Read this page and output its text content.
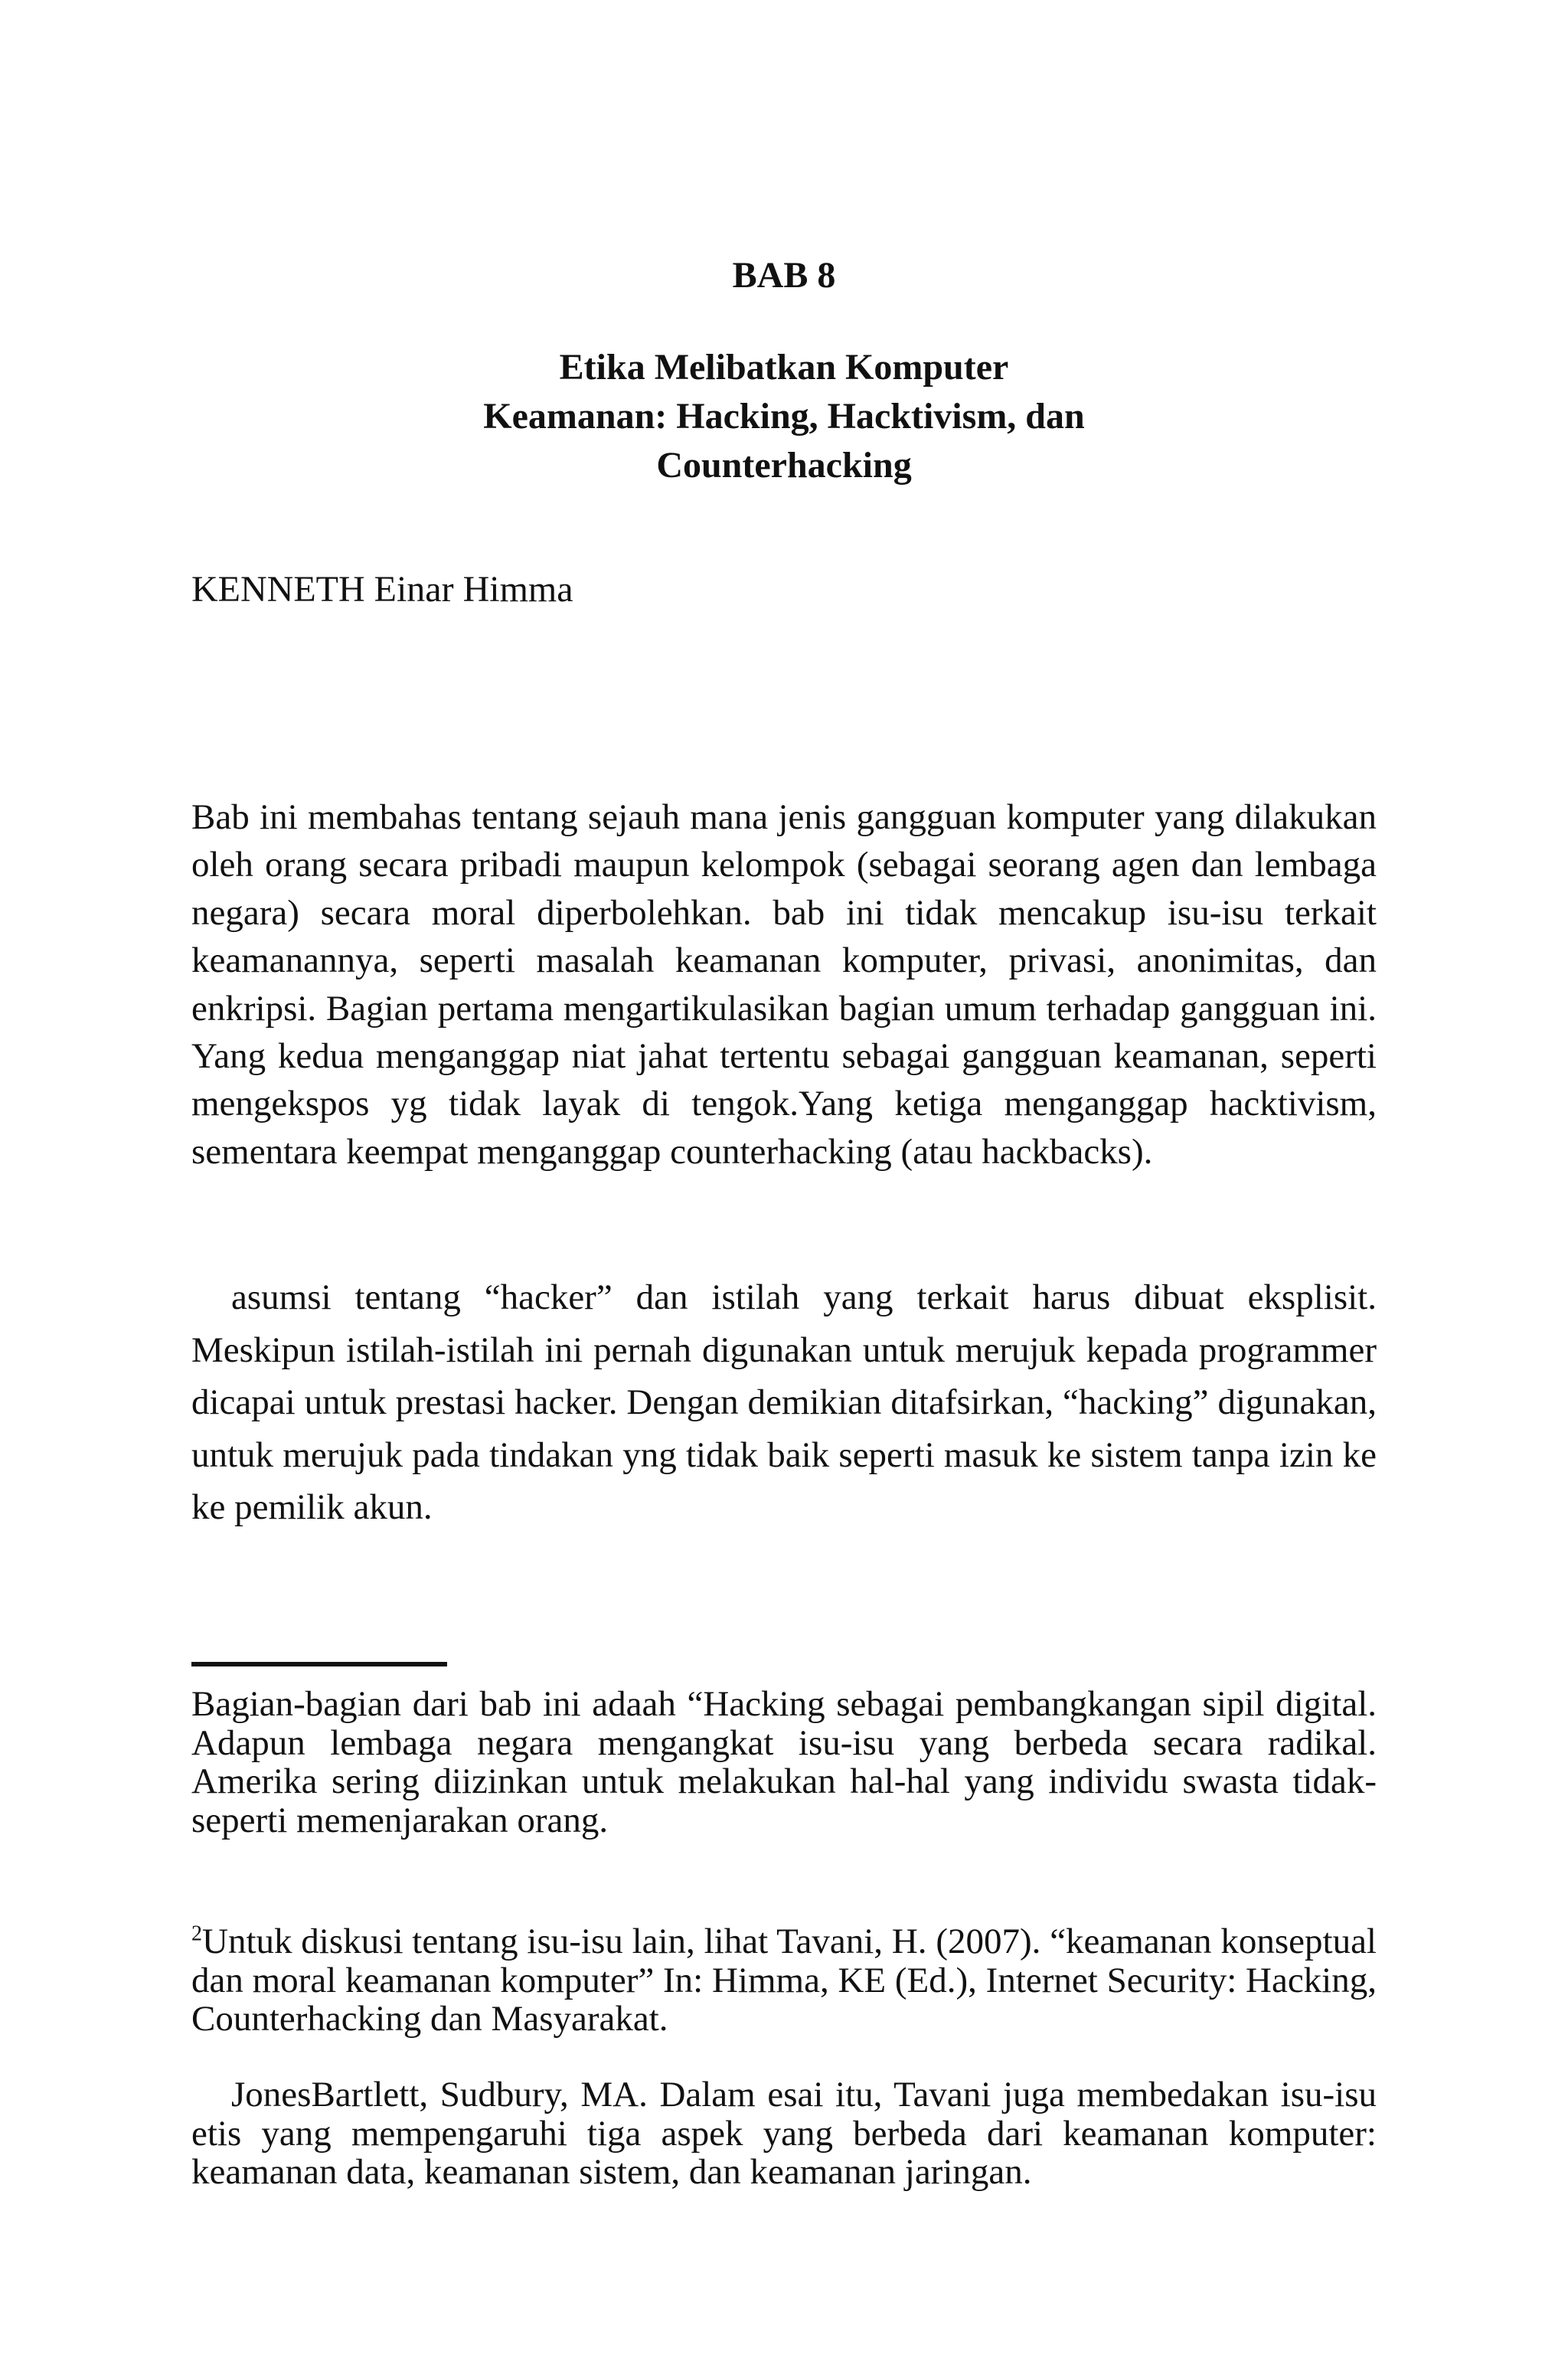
BAB 8
Etika Melibatkan Komputer
Keamanan: Hacking, Hacktivism, dan
Counterhacking

KENNETH Einar Himma

Bab ini membahas tentang sejauh mana jenis gangguan komputer yang dilakukan oleh orang secara pribadi maupun kelompok (sebagai seorang agen dan lembaga negara) secara moral diperbolehkan. bab ini tidak mencakup isu-isu terkait keamanannya, seperti masalah keamanan komputer, privasi, anonimitas, dan enkripsi. Bagian pertama mengartikulasikan bagian umum terhadap gangguan ini. Yang kedua menganggap niat jahat tertentu sebagai gangguan keamanan, seperti mengekspos yg tidak layak di tengok.Yang ketiga menganggap hacktivism, sementara keempat menganggap counterhacking (atau hackbacks).

asumsi tentang “hacker” dan istilah yang terkait harus dibuat eksplisit. Meskipun istilah-istilah ini pernah digunakan untuk merujuk kepada programmer dicapai untuk prestasi hacker. Dengan demikian ditafsirkan, “hacking” digunakan, untuk merujuk pada tindakan yng tidak baik seperti masuk ke sistem tanpa izin ke ke pemilik akun.

Bagian-bagian dari bab ini adaah “Hacking sebagai pembangkangan sipil digital. Adapun lembaga negara mengangkat isu-isu yang berbeda secara radikal. Amerika sering diizinkan untuk melakukan hal-hal yang individu swasta tidak-seperti memenjarakan orang.

$^2$Untuk diskusi tentang isu-isu lain, lihat Tavani, H. (2007). “keamanan konseptual dan moral keamanan komputer” In: Himma, KE (Ed.), Internet Security: Hacking, Counterhacking dan Masyarakat.

JonesBartlett, Sudbury, MA. Dalam esai itu, Tavani juga membedakan isu-isu etis yang mempengaruhi tiga aspek yang berbeda dari keamanan komputer: keamanan data, keamanan sistem, dan keamanan jaringan.
